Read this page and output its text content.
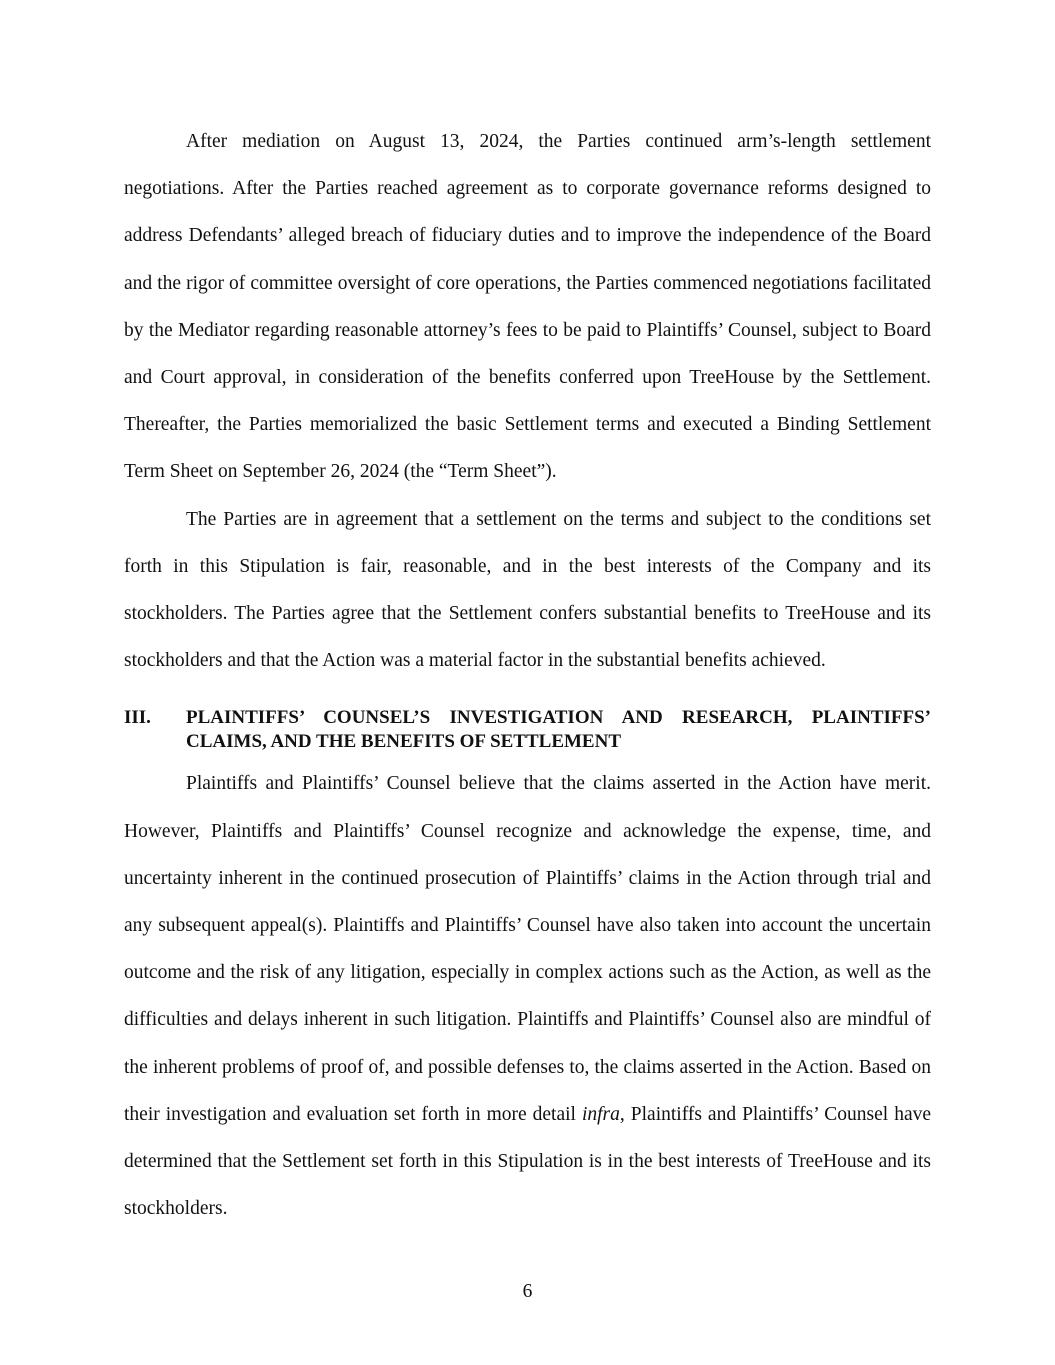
After mediation on August 13, 2024, the Parties continued arm’s-length settlement negotiations. After the Parties reached agreement as to corporate governance reforms designed to address Defendants’ alleged breach of fiduciary duties and to improve the independence of the Board and the rigor of committee oversight of core operations, the Parties commenced negotiations facilitated by the Mediator regarding reasonable attorney’s fees to be paid to Plaintiffs’ Counsel, subject to Board and Court approval, in consideration of the benefits conferred upon TreeHouse by the Settlement. Thereafter, the Parties memorialized the basic Settlement terms and executed a Binding Settlement Term Sheet on September 26, 2024 (the “Term Sheet”).

The Parties are in agreement that a settlement on the terms and subject to the conditions set forth in this Stipulation is fair, reasonable, and in the best interests of the Company and its stockholders. The Parties agree that the Settlement confers substantial benefits to TreeHouse and its stockholders and that the Action was a material factor in the substantial benefits achieved.

III.	PLAINTIFFS’ COUNSEL’S INVESTIGATION AND RESEARCH, PLAINTIFFS’ CLAIMS, AND THE BENEFITS OF SETTLEMENT

Plaintiffs and Plaintiffs’ Counsel believe that the claims asserted in the Action have merit. However, Plaintiffs and Plaintiffs’ Counsel recognize and acknowledge the expense, time, and uncertainty inherent in the continued prosecution of Plaintiffs’ claims in the Action through trial and any subsequent appeal(s). Plaintiffs and Plaintiffs’ Counsel have also taken into account the uncertain outcome and the risk of any litigation, especially in complex actions such as the Action, as well as the difficulties and delays inherent in such litigation. Plaintiffs and Plaintiffs’ Counsel also are mindful of the inherent problems of proof of, and possible defenses to, the claims asserted in the Action. Based on their investigation and evaluation set forth in more detail infra, Plaintiffs and Plaintiffs’ Counsel have determined that the Settlement set forth in this Stipulation is in the best interests of TreeHouse and its stockholders.

6
